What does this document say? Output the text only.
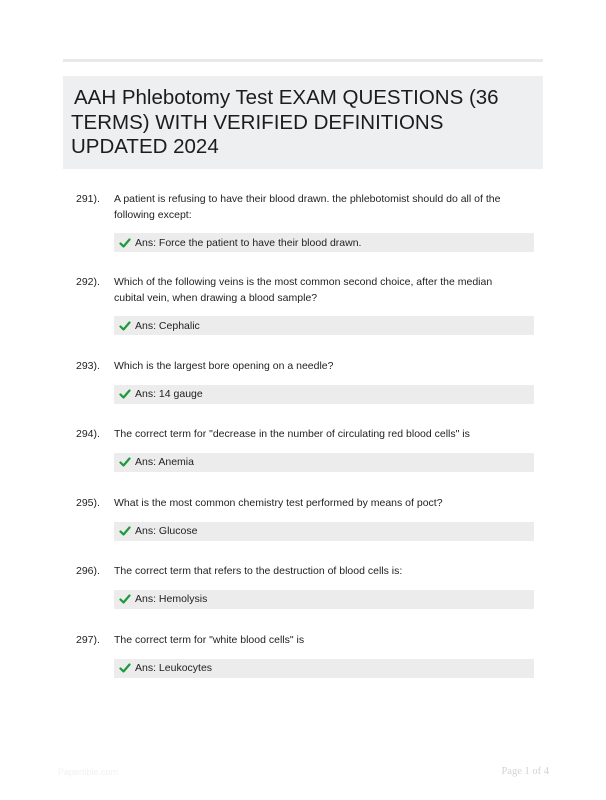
AAH Phlebotomy Test EXAM QUESTIONS (36 TERMS) WITH VERIFIED DEFINITIONS UPDATED 2024
291). A patient is refusing to have their blood drawn. the phlebotomist should do all of the following except:
Ans: Force the patient to have their blood drawn.
292). Which of the following veins is the most common second choice, after the median cubital vein, when drawing a blood sample?
Ans: Cephalic
293). Which is the largest bore opening on a needle?
Ans: 14 gauge
294). The correct term for "decrease in the number of circulating red blood cells" is
Ans: Anemia
295). What is the most common chemistry test performed by means of poct?
Ans: Glucose
296). The correct term that refers to the destruction of blood cells is:
Ans: Hemolysis
297). The correct term for "white blood cells" is
Ans: Leukocytes
Papertible.com	Page 1 of 4
